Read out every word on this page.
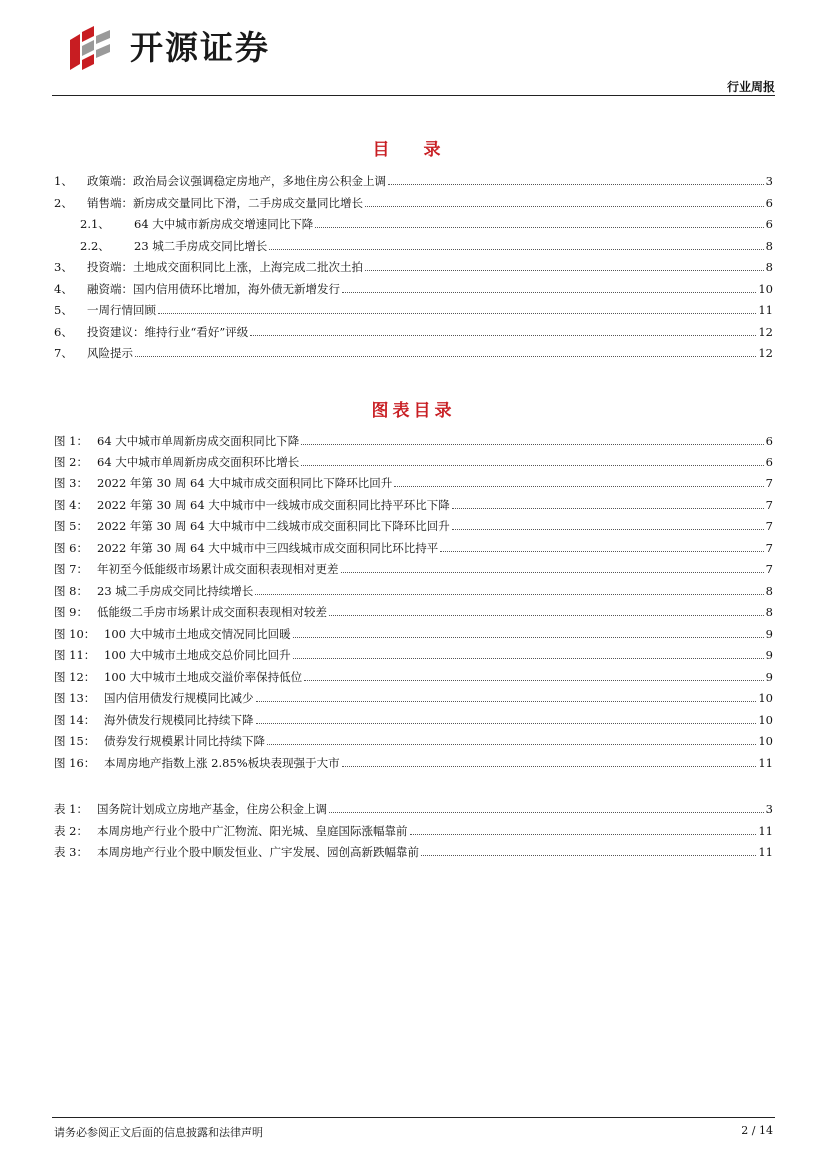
开源证券
行业周报
目 录
1、	政策端：政治局会议强调稳定房地产，多地住房公积金上调	3
2、	销售端：新房成交量同比下滑，二手房成交量同比增长	6
2.1、	64 大中城市新房成交增速同比下降	6
2.2、	23 城二手房成交同比增长	8
3、	投资端：土地成交面积同比上涨，上海完成二批次土拍	8
4、	融资端：国内信用债环比增加，海外债无新增发行	10
5、	一周行情回顾	11
6、	投资建议：维持行业“看好”评级	12
7、	风险提示	12
图表目录
图 1： 64 大中城市单周新房成交面积同比下降	6
图 2： 64 大中城市单周新房成交面积环比增长	6
图 3： 2022 年第 30 周 64 大中城市成交面积同比下降环比回升	7
图 4： 2022 年第 30 周 64 大中城市中一线城市成交面积同比持平环比下降	7
图 5： 2022 年第 30 周 64 大中城市中二线城市成交面积同比下降环比回升	7
图 6： 2022 年第 30 周 64 大中城市中三四线城市成交面积同比环比持平	7
图 7： 年初至今低能级市场累计成交面积表现相对更差	7
图 8： 23 城二手房成交同比持续增长	8
图 9： 低能级二手房市场累计成交面积表现相对较差	8
图 10： 100 大中城市土地成交情况同比回暖	9
图 11： 100 大中城市土地成交总价同比回升	9
图 12： 100 大中城市土地成交溢价率保持低位	9
图 13： 国内信用债发行规模同比减少	10
图 14： 海外债发行规模同比持续下降	10
图 15： 债券发行规模累计同比持续下降	10
图 16： 本周房地产指数上涨 2.85%板块表现强于大市	11
表 1： 国务院计划成立房地产基金，住房公积金上调	3
表 2： 本周房地产行业个股中广汇物流、阳光城、皇庭国际涨幅靠前	11
表 3： 本周房地产行业个股中顺发恒业、广宇发展、园创高新跌幅靠前	11
请务必参阅正文后面的信息披露和法律声明	2 / 14
